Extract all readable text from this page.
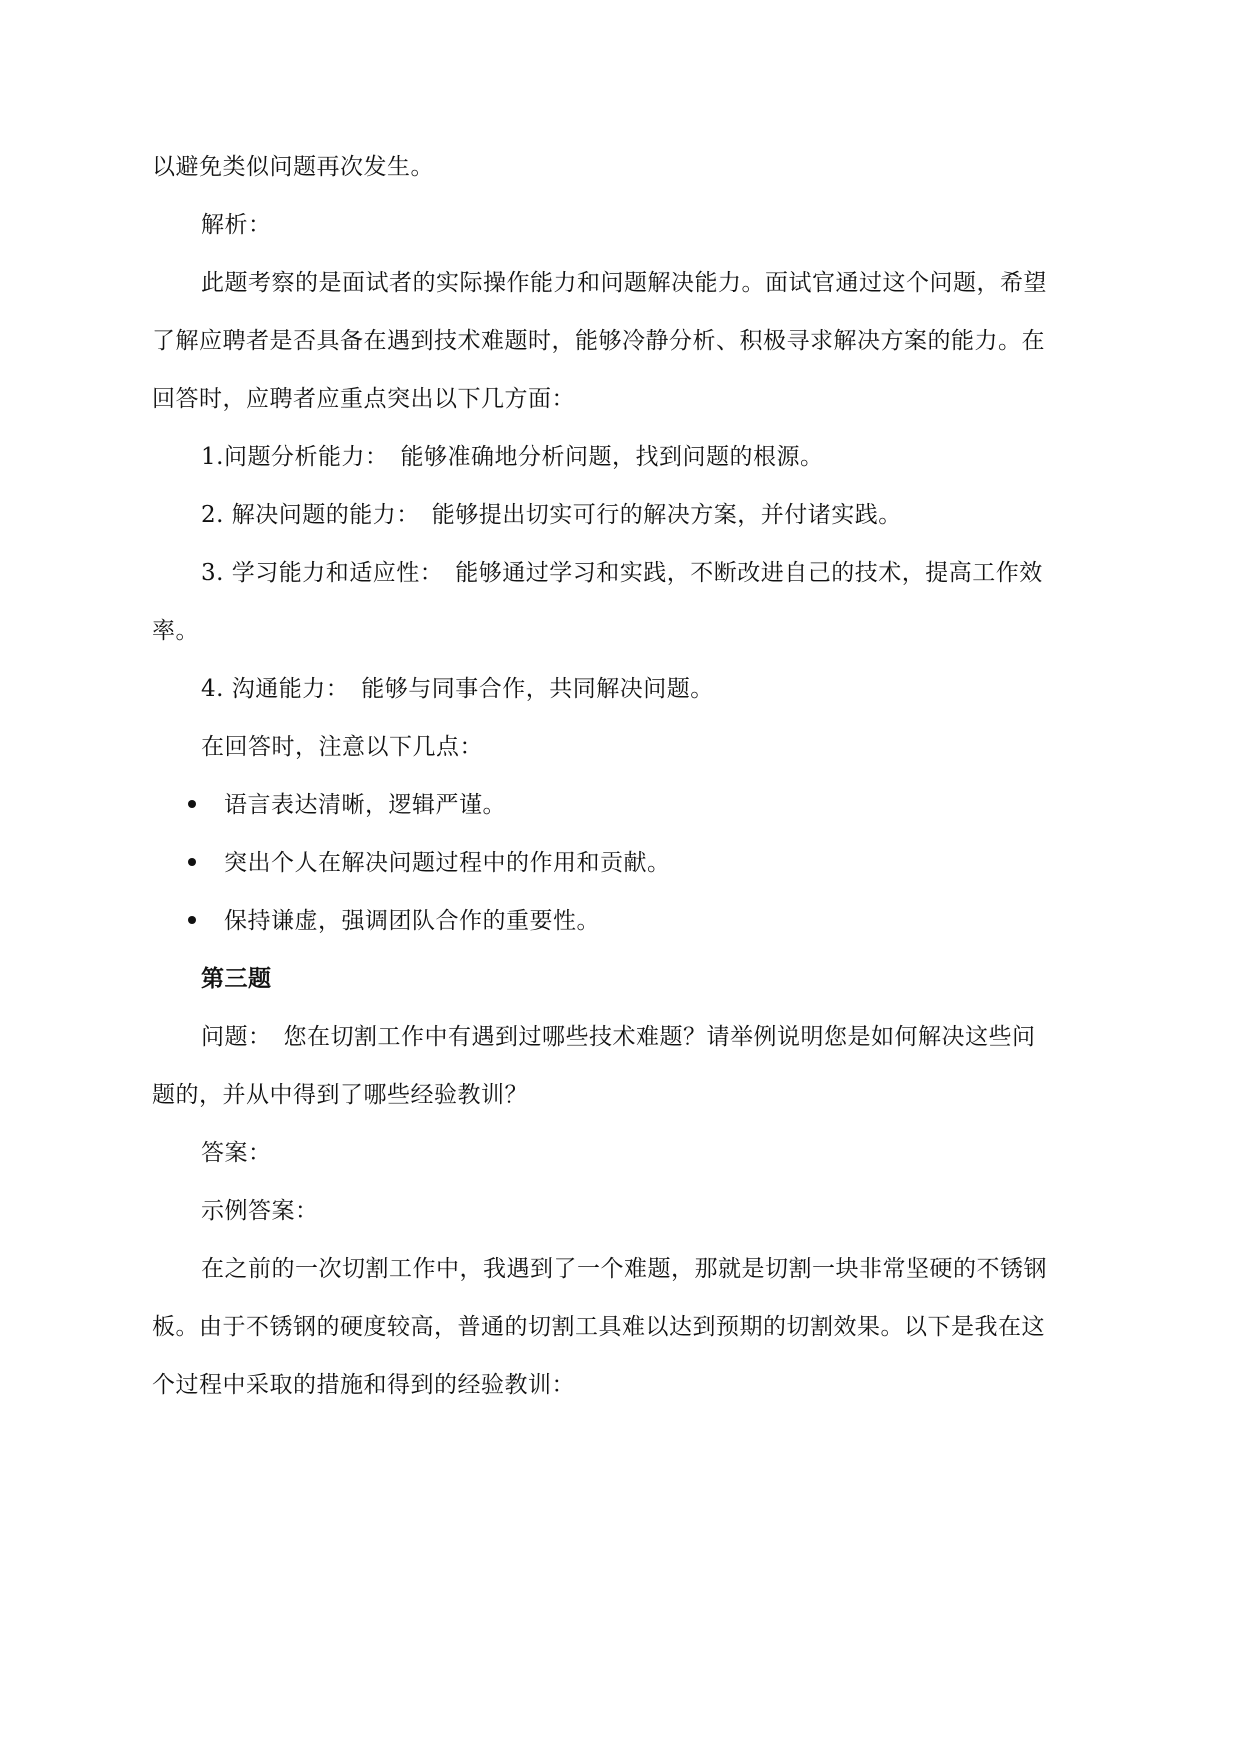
以避免类似问题再次发生。
解析：
此题考察的是面试者的实际操作能力和问题解决能力。面试官通过这个问题，希望
了解应聘者是否具备在遇到技术难题时，能够冷静分析、积极寻求解决方案的能力。在
回答时，应聘者应重点突出以下几方面：
1.问题分析能力：　能够准确地分析问题，找到问题的根源。
2. 解决问题的能力：　能够提出切实可行的解决方案，并付诸实践。
3. 学习能力和适应性：　能够通过学习和实践，不断改进自己的技术，提高工作效
率。
4. 沟通能力：　能够与同事合作，共同解决问题。
在回答时，注意以下几点：
语言表达清晰，逻辑严谨。
突出个人在解决问题过程中的作用和贡献。
保持谦虚，强调团队合作的重要性。
第三题
问题：　您在切割工作中有遇到过哪些技术难题？请举例说明您是如何解决这些问
题的，并从中得到了哪些经验教训？
答案：
示例答案：
在之前的一次切割工作中，我遇到了一个难题，那就是切割一块非常坚硬的不锈钢
板。由于不锈钢的硬度较高，普通的切割工具难以达到预期的切割效果。以下是我在这
个过程中采取的措施和得到的经验教训：
